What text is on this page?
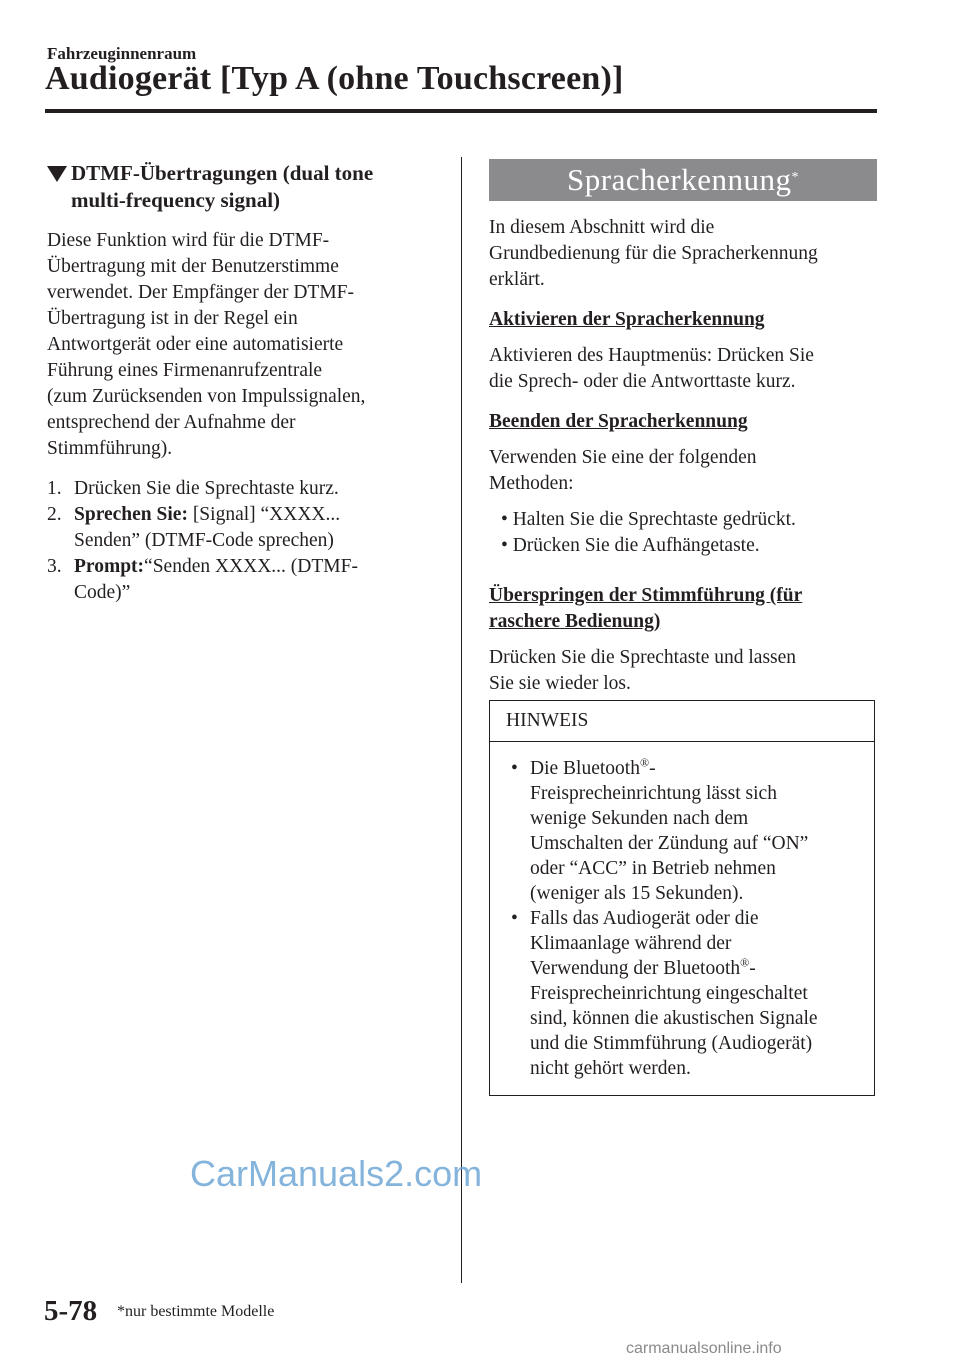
Fahrzeuginnenraum
Audiogerät [Typ A (ohne Touchscreen)]
DTMF-Übertragungen (dual tone
multi-frequency signal)
Diese Funktion wird für die DTMF-
Übertragung mit der Benutzerstimme
verwendet. Der Empfänger der DTMF-
Übertragung ist in der Regel ein
Antwortgerät oder eine automatisierte
Führung eines Firmenanrufzentrale
(zum Zurücksenden von Impulssignalen,
entsprechend der Aufnahme der
Stimmführung).
1. Drücken Sie die Sprechtaste kurz.
2. Sprechen Sie: [Signal] “XXXX...
Senden” (DTMF-Code sprechen)
3. Prompt:“Senden XXXX... (DTMF-
Code)”
Spracherkennung*
In diesem Abschnitt wird die
Grundbedienung für die Spracherkennung
erklärt.
Aktivieren der Spracherkennung
Aktivieren des Hauptmenüs: Drücken Sie
die Sprech- oder die Antworttaste kurz.
Beenden der Spracherkennung
Verwenden Sie eine der folgenden
Methoden:
• Halten Sie die Sprechtaste gedrückt.
• Drücken Sie die Aufhängetaste.
Überspringen der Stimmführung (für
raschere Bedienung)
Drücken Sie die Sprechtaste und lassen
Sie sie wieder los.
HINWEIS
• Die Bluetooth®-
Freisprecheinrichtung lässt sich
wenige Sekunden nach dem
Umschalten der Zündung auf “ON”
oder “ACC” in Betrieb nehmen
(weniger als 15 Sekunden).
• Falls das Audiogerät oder die
Klimaanlage während der
Verwendung der Bluetooth®-
Freisprecheinrichtung eingeschaltet
sind, können die akustischen Signale
und die Stimmführung (Audiogerät)
nicht gehört werden.
CarManuals2.com
5-78 *nur bestimmte Modelle
carmanualsonline.info
